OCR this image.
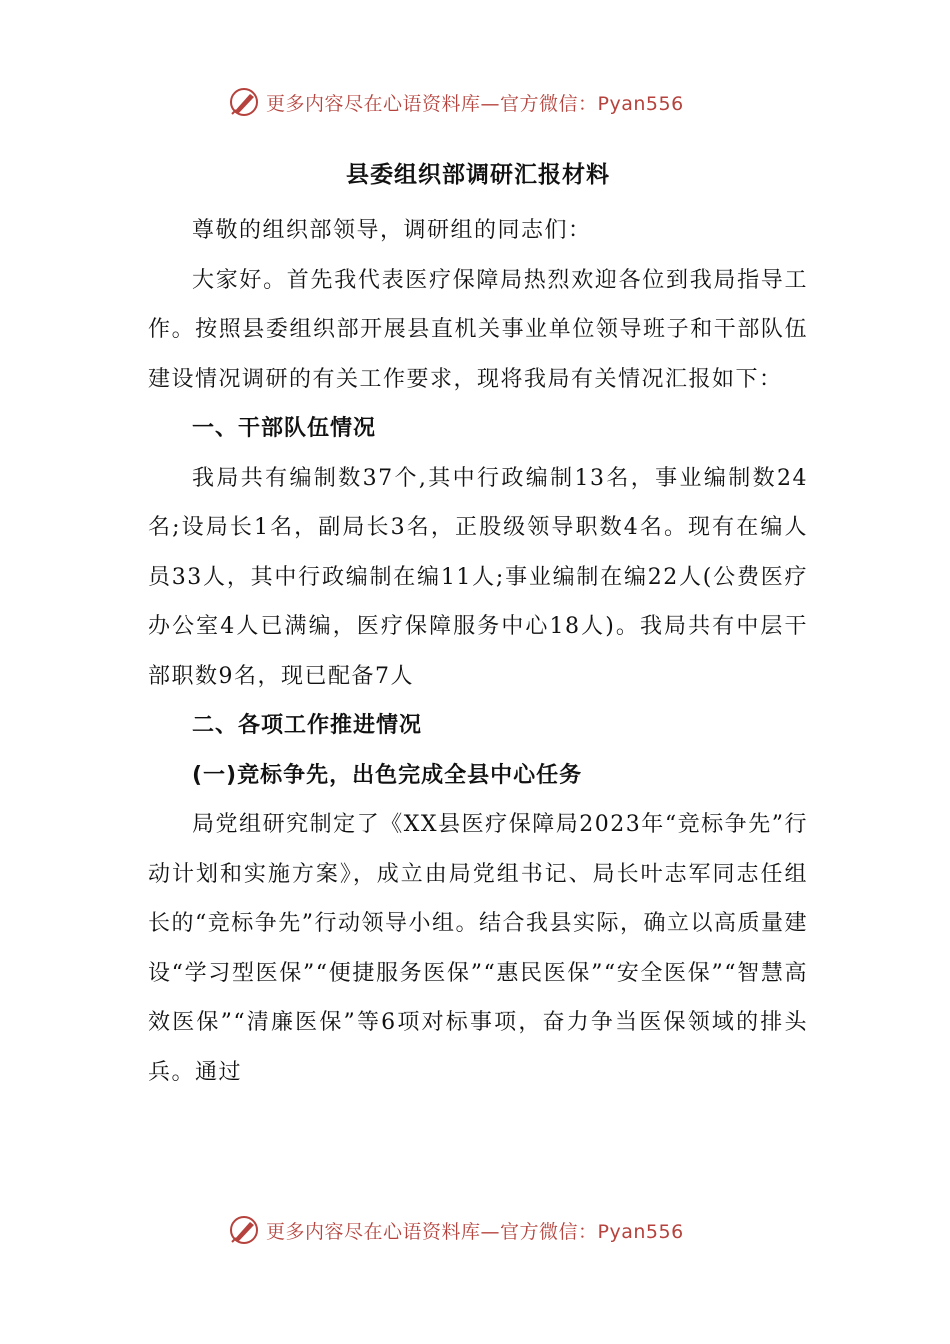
更多内容尽在心语资料库—官方微信：Pyan556
县委组织部调研汇报材料

尊敬的组织部领导，调研组的同志们：

大家好。首先我代表医疗保障局热烈欢迎各位到我局指导工作。按照县委组织部开展县直机关事业单位领导班子和干部队伍建设情况调研的有关工作要求，现将我局有关情况汇报如下：

一、干部队伍情况

我局共有编制数37个,其中行政编制13名，事业编制数24名;设局长1名，副局长3名，正股级领导职数4名。现有在编人员33人，其中行政编制在编11人;事业编制在编22人(公费医疗办公室4人已满编，医疗保障服务中心18人)。我局共有中层干部职数9名，现已配备7人

二、各项工作推进情况

(一)竞标争先，出色完成全县中心任务

局党组研究制定了《XX县医疗保障局2023年“竞标争先”行动计划和实施方案》，成立由局党组书记、局长叶志军同志任组长的“竞标争先”行动领导小组。结合我县实际，确立以高质量建设“学习型医保”“便捷服务医保”“惠民医保”“安全医保”“智慧高效医保”“清廉医保”等6项对标事项，奋力争当医保领域的排头兵。通过

更多内容尽在心语资料库—官方微信：Pyan556
